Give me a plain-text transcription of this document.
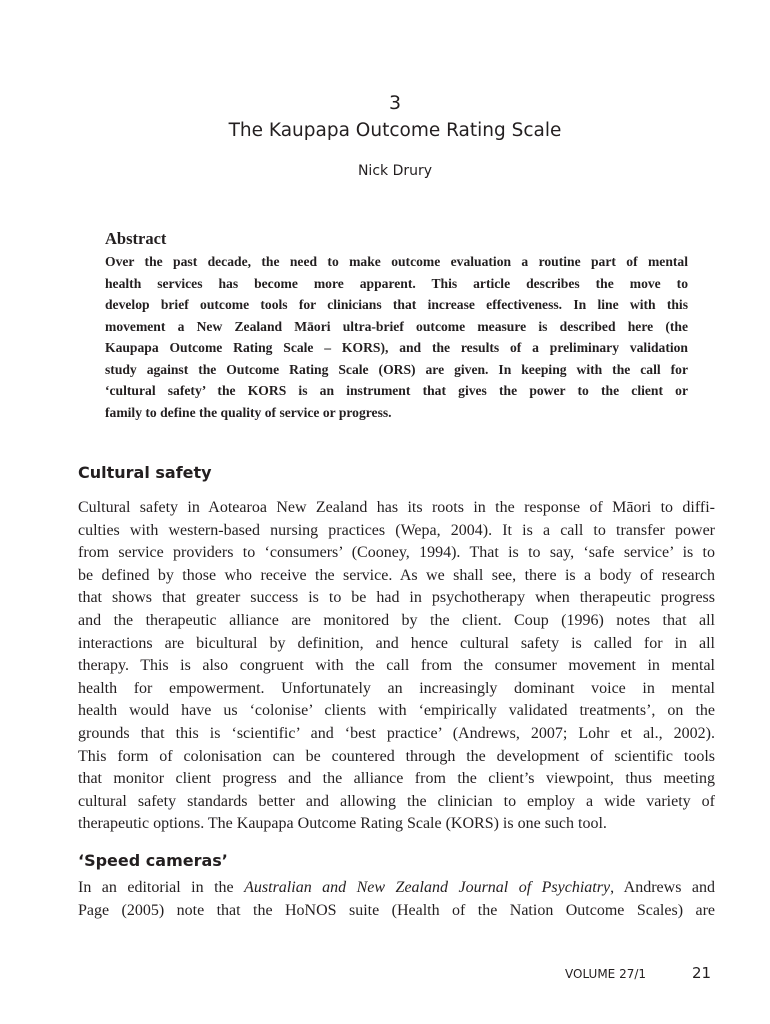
3
The Kaupapa Outcome Rating Scale
Nick Drury
Abstract
Over the past decade, the need to make outcome evaluation a routine part of mental
health services has become more apparent. This article describes the move to
develop brief outcome tools for clinicians that increase effectiveness. In line with this
movement a New Zealand Māori ultra-brief outcome measure is described here (the
Kaupapa Outcome Rating Scale – KORS), and the results of a preliminary validation
study against the Outcome Rating Scale (ORS) are given. In keeping with the call for
‘cultural safety’ the KORS is an instrument that gives the power to the client or
family to define the quality of service or progress.
Cultural safety
Cultural safety in Aotearoa New Zealand has its roots in the response of Māori to diffi-
culties with western-based nursing practices (Wepa, 2004). It is a call to transfer power
from service providers to ‘consumers’ (Cooney, 1994). That is to say, ‘safe service’ is to
be defined by those who receive the service. As we shall see, there is a body of research
that shows that greater success is to be had in psychotherapy when therapeutic progress
and the therapeutic alliance are monitored by the client. Coup (1996) notes that all
interactions are bicultural by definition, and hence cultural safety is called for in all
therapy. This is also congruent with the call from the consumer movement in mental
health for empowerment. Unfortunately an increasingly dominant voice in mental
health would have us ‘colonise’ clients with ‘empirically validated treatments’, on the
grounds that this is ‘scientific’ and ‘best practice’ (Andrews, 2007; Lohr et al., 2002).
This form of colonisation can be countered through the development of scientific tools
that monitor client progress and the alliance from the client’s viewpoint, thus meeting
cultural safety standards better and allowing the clinician to employ a wide variety of
therapeutic options. The Kaupapa Outcome Rating Scale (KORS) is one such tool.
‘Speed cameras’
In an editorial in the Australian and New Zealand Journal of Psychiatry, Andrews and
Page (2005) note that the HoNOS suite (Health of the Nation Outcome Scales) are
VOLUME 27/1	21
